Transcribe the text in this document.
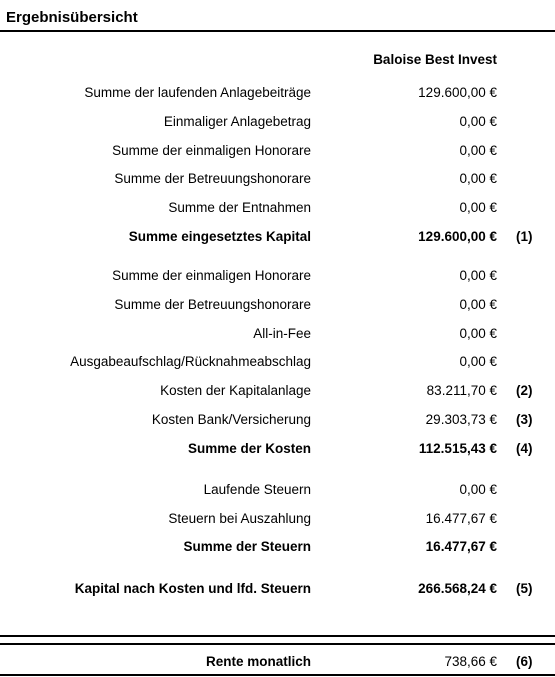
Ergebnisübersicht
Baloise Best Invest
Summe der laufenden Anlagebeiträge	129.600,00 €
Einmaliger Anlagebetrag	0,00 €
Summe der einmaligen Honorare	0,00 €
Summe der Betreuungshonorare	0,00 €
Summe der Entnahmen	0,00 €
Summe eingesetztes Kapital	129.600,00 € (1)
Summe der einmaligen Honorare	0,00 €
Summe der Betreuungshonorare	0,00 €
All-in-Fee	0,00 €
Ausgabeaufschlag/Rücknahmeabschlag	0,00 €
Kosten der Kapitalanlage	83.211,70 € (2)
Kosten Bank/Versicherung	29.303,73 € (3)
Summe der Kosten	112.515,43 € (4)
Laufende Steuern	0,00 €
Steuern bei Auszahlung	16.477,67 €
Summe der Steuern	16.477,67 €
Kapital nach Kosten und lfd. Steuern	266.568,24 € (5)
Rente monatlich	738,66 € (6)
